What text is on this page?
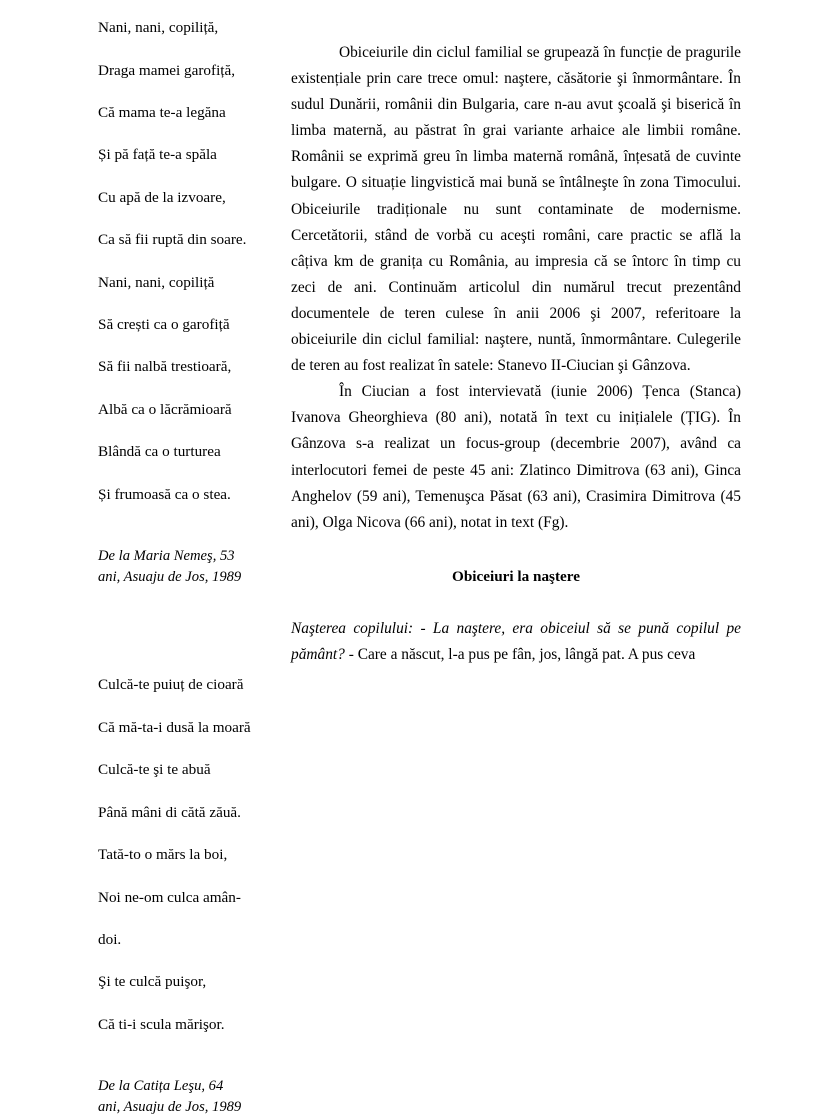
Nani, nani, copiliță,

Draga mamei garofiță,

Că mama te-a legăna

Și pă față te-a spăla

Cu apă de la izvoare,

Ca să fii ruptă din soare.

Nani, nani, copiliță

Să crești ca o garofiță

Să fii nalbă trestioară,

Albă ca o lăcrămioară

Blândă ca o turturea

Și frumoasă ca o stea.

De la Maria Nemeş, 53
ani, Asuaju de Jos, 1989

Culcă-te puiuț de cioară

Că mă-ta-i dusă la moară

Culcă-te şi te abuă

Până mâni di cătă zăuă.

Tată-to o mărs la boi,

Noi ne-om culca amân-

doi.

Şi te culcă puişor,

Că ti-i scula mărişor.

De la Catița Leşu, 64
ani, Asuaju de Jos, 1989

Obiceiurile din ciclul familial se grupează în funcție de pragurile existențiale prin care trece omul: naştere, căsătorie şi înmormântare. În sudul Dunării, românii din Bulgaria, care n-au avut şcoală şi biserică în limba maternă, au păstrat în grai variante arhaice ale limbii române. Românii se exprimă greu în limba maternă română, înțesată de cuvinte bulgare. O situație lingvistică mai bună se întâlneşte în zona Timocului. Obiceiurile tradiționale nu sunt contaminate de modernisme. Cercetătorii, stând de vorbă cu aceşti români, care practic se află la câțiva km de granița cu România, au impresia că se întorc în timp cu zeci de ani. Continuăm articolul din numărul trecut prezentând documentele de teren culese în anii 2006 şi 2007, referitoare la obiceiurile din ciclul familial: naştere, nuntă, înmormântare. Culegerile de teren au fost realizat în satele: Stanevo II-Ciucian şi Gânzova.

În Ciucian a fost intervievată (iunie 2006) Țenca (Stanca) Ivanova Gheorghieva (80 ani), notată în text cu inițialele (ȚIG). În Gânzova s-a realizat un focus-group (decembrie 2007), având ca interlocutori femei de peste 45 ani: Zlatinco Dimitrova (63 ani), Ginca Anghelov (59 ani), Temenuşca Păsat (63 ani), Crasimira Dimitrova (45 ani), Olga Nicova (66 ani), notat in text (Fg).

Obiceiuri la naştere

Naşterea copilului: - La naştere, era obiceiul să se pună copilul pe pământ? - Care a născut, l-a pus pe fân, jos, lângă pat. A pus ceva
